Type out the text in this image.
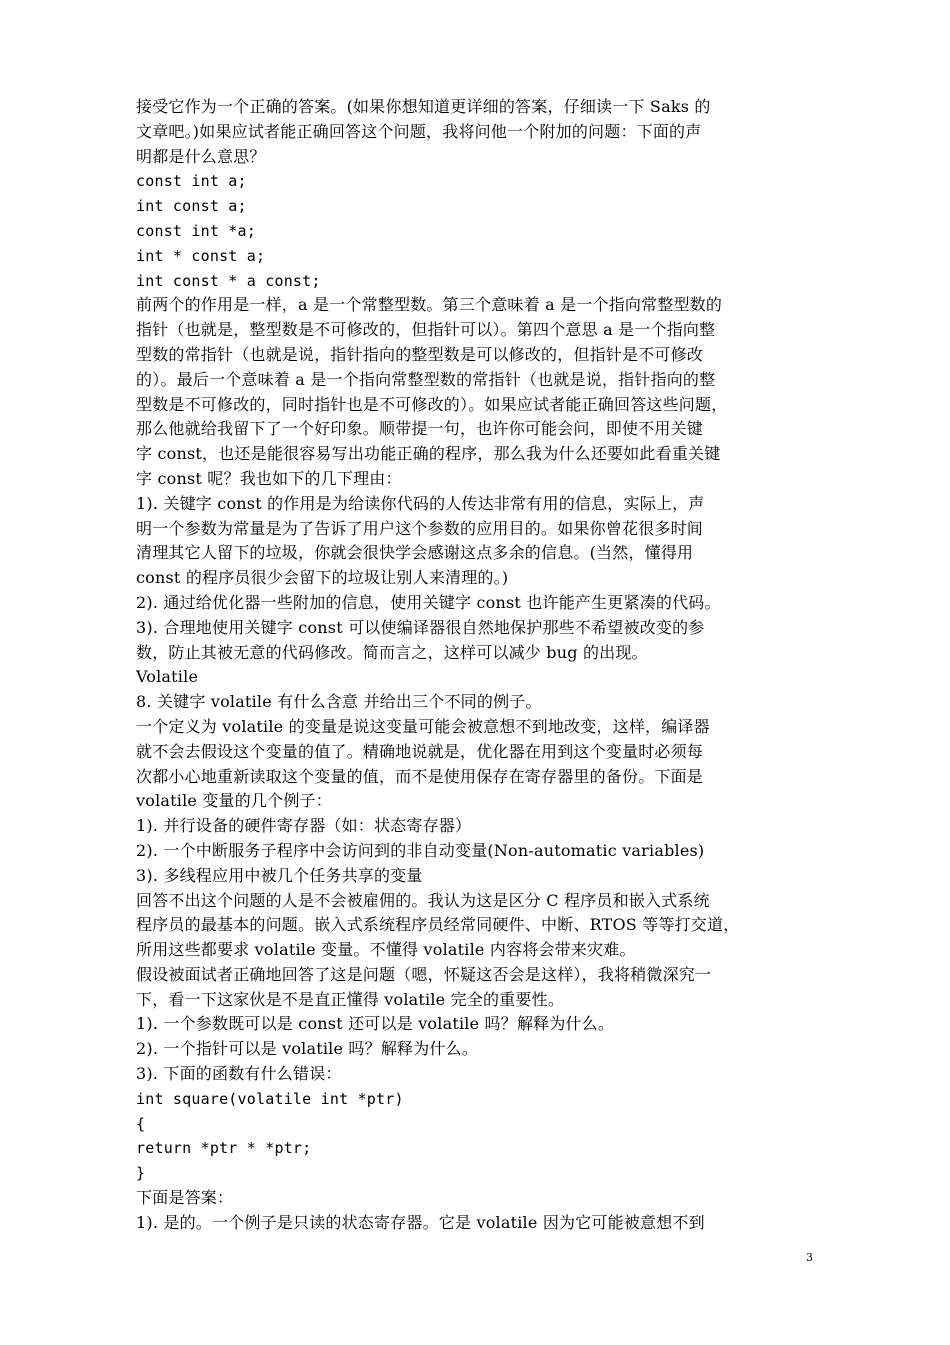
接受它作为一个正确的答案。(如果你想知道更详细的答案，仔细读一下 Saks 的
文章吧。)如果应试者能正确回答这个问题，我将问他一个附加的问题：下面的声
明都是什么意思？
const int a;
int const a;
const int *a;
int * const a;
int const * a const;
前两个的作用是一样，a 是一个常整型数。第三个意味着 a 是一个指向常整型数的
指针（也就是，整型数是不可修改的，但指针可以）。第四个意思 a 是一个指向整
型数的常指针（也就是说，指针指向的整型数是可以修改的，但指针是不可修改
的）。最后一个意味着 a 是一个指向常整型数的常指针（也就是说，指针指向的整
型数是不可修改的，同时指针也是不可修改的）。如果应试者能正确回答这些问题，
那么他就给我留下了一个好印象。顺带提一句，也许你可能会问，即使不用关键
字 const，也还是能很容易写出功能正确的程序，那么我为什么还要如此看重关键
字 const 呢？我也如下的几下理由：
1). 关键字 const 的作用是为给读你代码的人传达非常有用的信息，实际上，声
明一个参数为常量是为了告诉了用户这个参数的应用目的。如果你曾花很多时间
清理其它人留下的垃圾，你就会很快学会感谢这点多余的信息。(当然，懂得用
const 的程序员很少会留下的垃圾让别人来清理的。)
2). 通过给优化器一些附加的信息，使用关键字 const 也许能产生更紧凑的代码。
3). 合理地使用关键字 const 可以使编译器很自然地保护那些不希望被改变的参
数，防止其被无意的代码修改。简而言之，这样可以减少 bug 的出现。
Volatile
8. 关键字 volatile 有什么含意 并给出三个不同的例子。
一个定义为 volatile 的变量是说这变量可能会被意想不到地改变，这样，编译器
就不会去假设这个变量的值了。精确地说就是，优化器在用到这个变量时必须每
次都小心地重新读取这个变量的值，而不是使用保存在寄存器里的备份。下面是
volatile 变量的几个例子：
1). 并行设备的硬件寄存器（如：状态寄存器）
2). 一个中断服务子程序中会访问到的非自动变量(Non-automatic variables)
3). 多线程应用中被几个任务共享的变量
回答不出这个问题的人是不会被雇佣的。我认为这是区分 C 程序员和嵌入式系统
程序员的最基本的问题。嵌入式系统程序员经常同硬件、中断、RTOS 等等打交道，
所用这些都要求 volatile 变量。不懂得 volatile 内容将会带来灾难。
假设被面试者正确地回答了这是问题（嗯，怀疑这否会是这样），我将稍微深究一
下，看一下这家伙是不是直正懂得 volatile 完全的重要性。
1). 一个参数既可以是 const 还可以是 volatile 吗？解释为什么。
2). 一个指针可以是 volatile 吗？解释为什么。
3). 下面的函数有什么错误：
int square(volatile int *ptr)
{
return *ptr * *ptr;
}
下面是答案：
1). 是的。一个例子是只读的状态寄存器。它是 volatile 因为它可能被意想不到
3
